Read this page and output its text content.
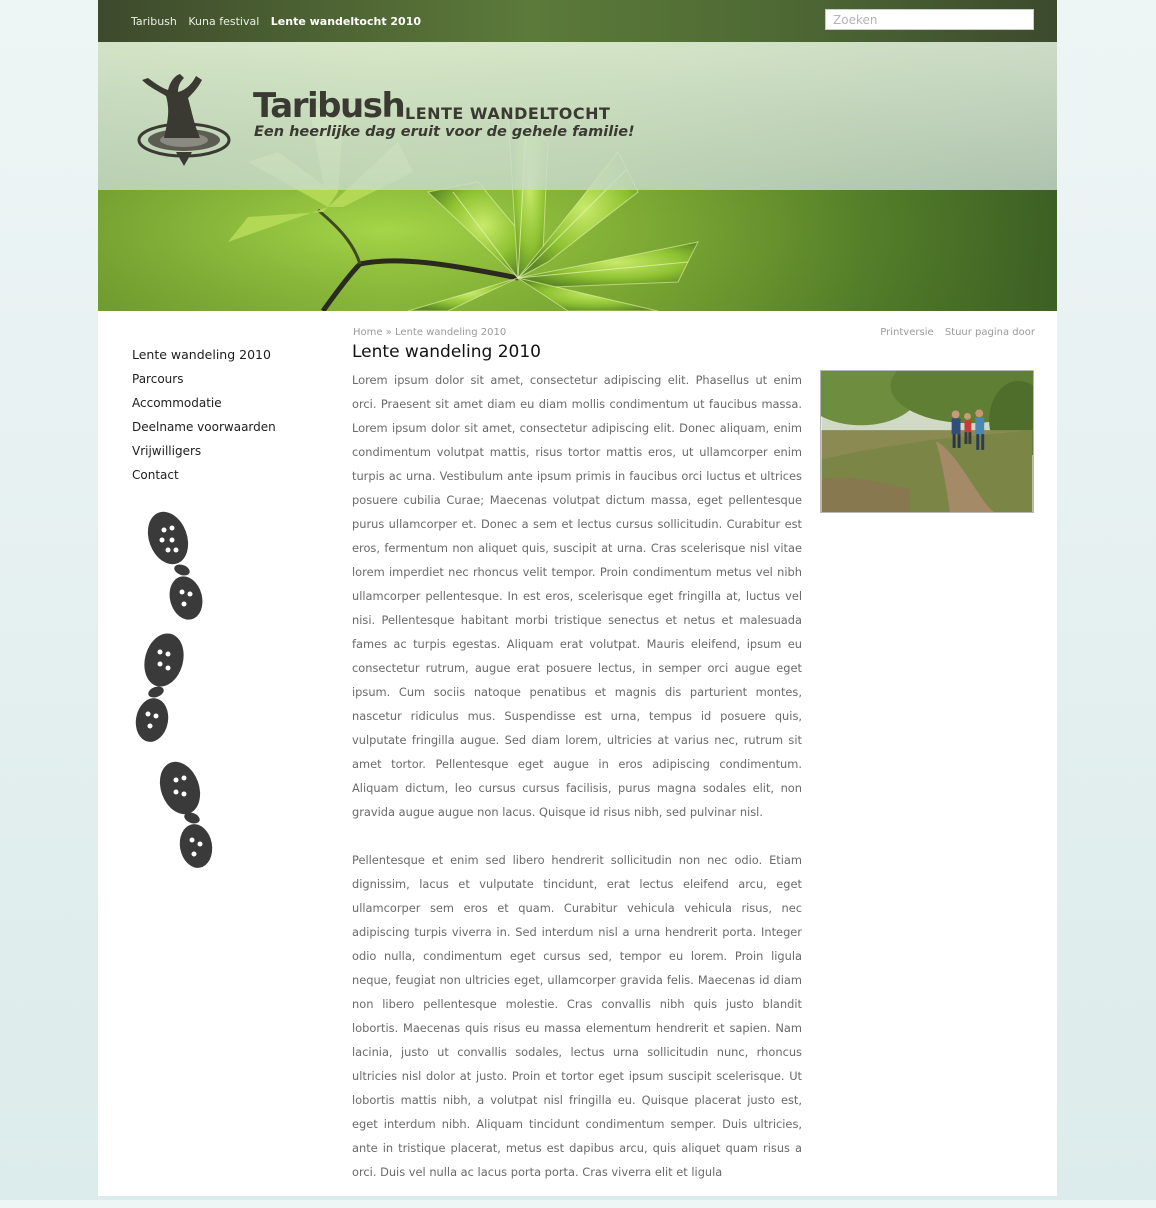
Taribush Kuna festival Lente wandeltocht 2010
Zoeken
Taribush LENTE WANDELTOCHT
Een heerlijke dag eruit voor de gehele familie!
Lente wandeling 2010
Parcours
Accommodatie
Deelname voorwaarden
Vrijwilligers
Contact
Home » Lente wandeling 2010	Printversie Stuur pagina door
Lente wandeling 2010

Lorem ipsum dolor sit amet, consectetur adipiscing elit. Phasellus ut enim orci. Praesent sit amet diam eu diam mollis condimentum ut faucibus massa. Lorem ipsum dolor sit amet, consectetur adipiscing elit. Donec aliquam, enim condimentum volutpat mattis, risus tortor mattis eros, ut ullamcorper enim turpis ac urna. Vestibulum ante ipsum primis in faucibus orci luctus et ultrices posuere cubilia Curae; Maecenas volutpat dictum massa, eget pellentesque purus ullamcorper et. Donec a sem et lectus cursus sollicitudin. Curabitur est eros, fermentum non aliquet quis, suscipit at urna. Cras scelerisque nisl vitae lorem imperdiet nec rhoncus velit tempor. Proin condimentum metus vel nibh ullamcorper pellentesque. In est eros, scelerisque eget fringilla at, luctus vel nisi. Pellentesque habitant morbi tristique senectus et netus et malesuada fames ac turpis egestas. Aliquam erat volutpat. Mauris eleifend, ipsum eu consectetur rutrum, augue erat posuere lectus, in semper orci augue eget ipsum. Cum sociis natoque penatibus et magnis dis parturient montes, nascetur ridiculus mus. Suspendisse est urna, tempus id posuere quis, vulputate fringilla augue. Sed diam lorem, ultricies at varius nec, rutrum sit amet tortor. Pellentesque eget augue in eros adipiscing condimentum. Aliquam dictum, leo cursus cursus facilisis, purus magna sodales elit, non gravida augue augue non lacus. Quisque id risus nibh, sed pulvinar nisl.

Pellentesque et enim sed libero hendrerit sollicitudin non nec odio. Etiam dignissim, lacus et vulputate tincidunt, erat lectus eleifend arcu, eget ullamcorper sem eros et quam. Curabitur vehicula vehicula risus, nec adipiscing turpis viverra in. Sed interdum nisl a urna hendrerit porta. Integer odio nulla, condimentum eget cursus sed, tempor eu lorem. Proin ligula neque, feugiat non ultricies eget, ullamcorper gravida felis. Maecenas id diam non libero pellentesque molestie. Cras convallis nibh quis justo blandit lobortis. Maecenas quis risus eu massa elementum hendrerit et sapien. Nam lacinia, justo ut convallis sodales, lectus urna sollicitudin nunc, rhoncus ultricies nisl dolor at justo. Proin et tortor eget ipsum suscipit scelerisque. Ut lobortis mattis nibh, a volutpat nisl fringilla eu. Quisque placerat justo est, eget interdum nibh. Aliquam tincidunt condimentum semper. Duis ultricies, ante in tristique placerat, metus est dapibus arcu, quis aliquet quam risus a orci. Duis vel nulla ac lacus porta porta. Cras viverra elit et ligula
